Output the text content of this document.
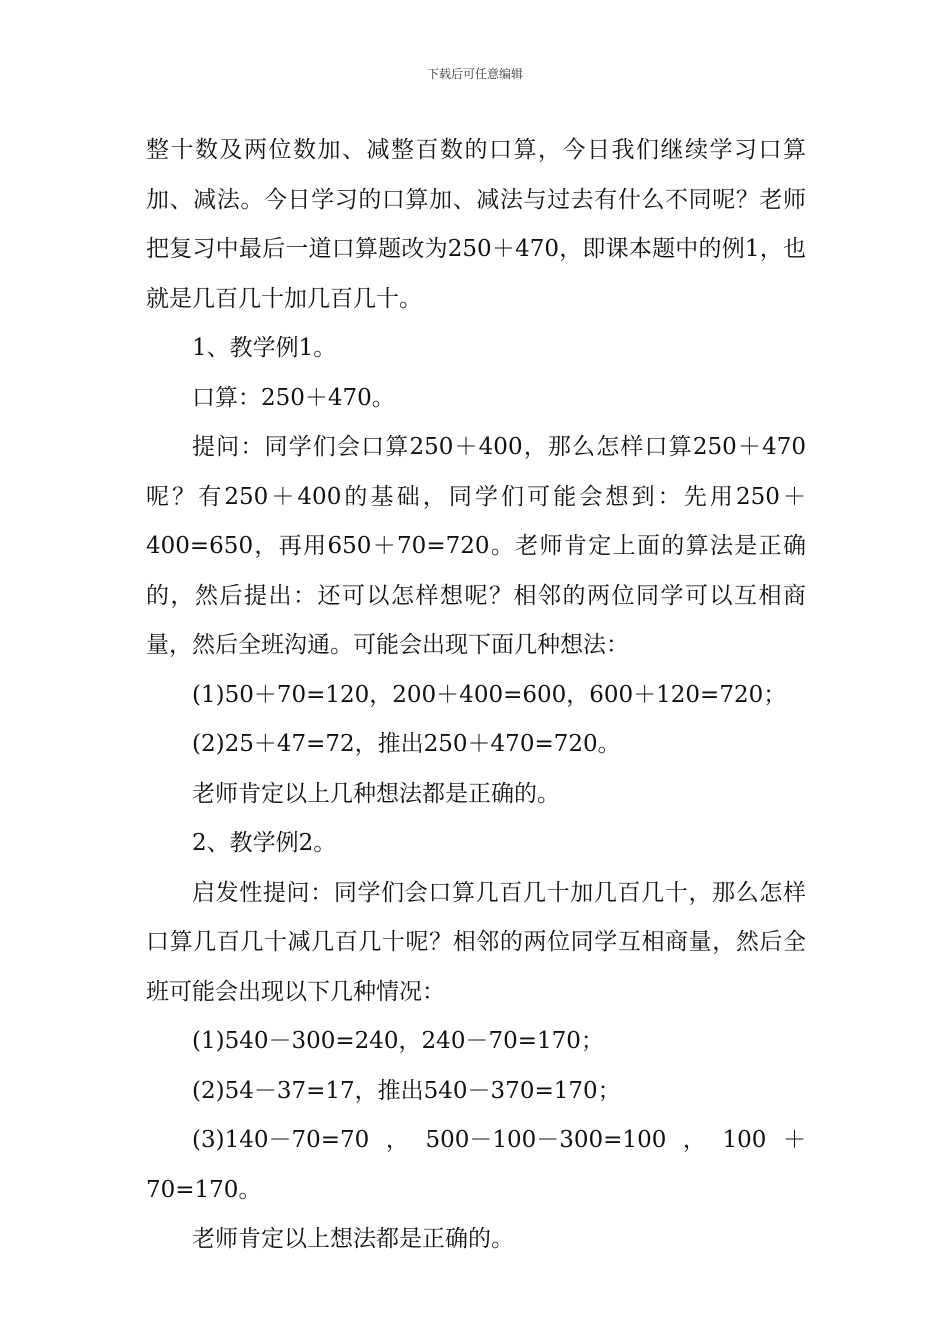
下载后可任意编辑

整十数及两位数加、减整百数的口算，今日我们继续学习口算加、减法。今日学习的口算加、减法与过去有什么不同呢？老师把复习中最后一道口算题改为250＋470，即课本题中的例1，也就是几百几十加几百几十。

1、教学例1。

口算：250＋470。

提问：同学们会口算250＋400，那么怎样口算250＋470呢？有250＋400的基础，同学们可能会想到：先用250＋400=650，再用650＋70=720。老师肯定上面的算法是正确的，然后提出：还可以怎样想呢？相邻的两位同学可以互相商量，然后全班沟通。可能会出现下面几种想法：

(1)50＋70=120，200＋400=600，600＋120=720；

(2)25＋47=72，推出250＋470=720。

老师肯定以上几种想法都是正确的。

2、教学例2。

启发性提问：同学们会口算几百几十加几百几十，那么怎样口算几百几十减几百几十呢？相邻的两位同学互相商量，然后全班可能会出现以下几种情况：

(1)540－300=240，240－70=170；

(2)54－37=17，推出540－370=170；

(3)140－70=70，500－100－300=100，100＋70=170。

老师肯定以上想法都是正确的。
